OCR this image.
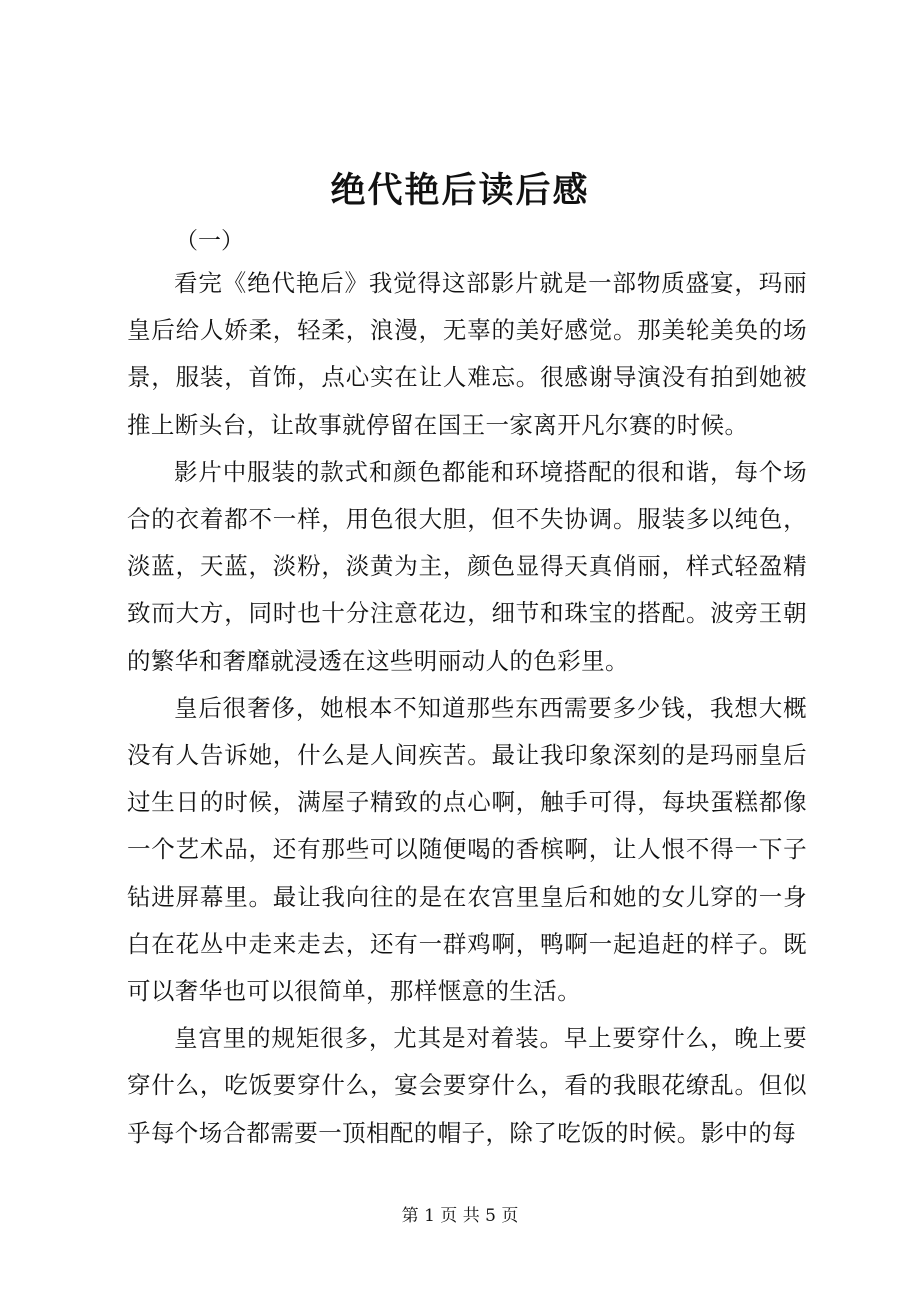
绝代艳后读后感

（一）

看完《绝代艳后》我觉得这部影片就是一部物质盛宴，玛丽皇后给人娇柔，轻柔，浪漫，无辜的美好感觉。那美轮美奂的场景，服装，首饰，点心实在让人难忘。很感谢导演没有拍到她被推上断头台，让故事就停留在国王一家离开凡尔赛的时候。

影片中服装的款式和颜色都能和环境搭配的很和谐，每个场合的衣着都不一样，用色很大胆，但不失协调。服装多以纯色，淡蓝，天蓝，淡粉，淡黄为主，颜色显得天真俏丽，样式轻盈精致而大方，同时也十分注意花边，细节和珠宝的搭配。波旁王朝的繁华和奢靡就浸透在这些明丽动人的色彩里。

皇后很奢侈，她根本不知道那些东西需要多少钱，我想大概没有人告诉她，什么是人间疾苦。最让我印象深刻的是玛丽皇后过生日的时候，满屋子精致的点心啊，触手可得，每块蛋糕都像一个艺术品，还有那些可以随便喝的香槟啊，让人恨不得一下子钻进屏幕里。最让我向往的是在农宫里皇后和她的女儿穿的一身白在花丛中走来走去，还有一群鸡啊，鸭啊一起追赶的样子。既可以奢华也可以很简单，那样惬意的生活。

皇宫里的规矩很多，尤其是对着装。早上要穿什么，晚上要穿什么，吃饭要穿什么，宴会要穿什么，看的我眼花缭乱。但似乎每个场合都需要一顶相配的帽子，除了吃饭的时候。影中的每

第 1 页 共 5 页
